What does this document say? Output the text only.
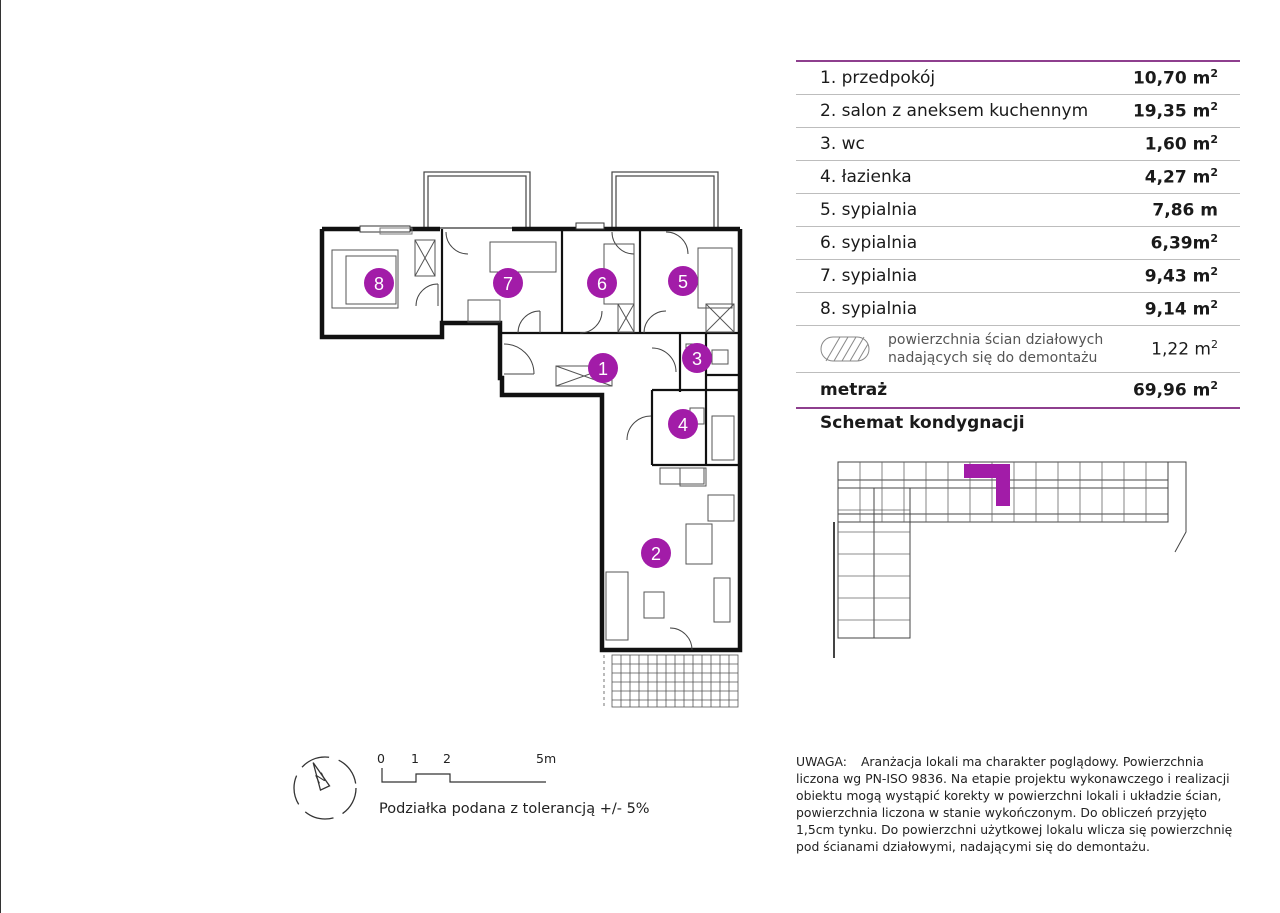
8	7	6	5
1	3
4
2
1. przedpokój	10,70 $m^2$
2. salon z aneksem kuchennym	19,35 $m^2$
3. wc	1,60 $m^2$
4. łazienka	4,27 $m^2$
5. sypialnia	7,86 m
6. sypialnia	$6,39m^2$
7. sypialnia	9,43 $m^2$
8. sypialnia	9,14 $m^2$
powierzchnia ścian działowych
nadających się do demontażu	1,22 $m^2$
metraż	69,96 $m^2$
Schemat kondygnacji
N
0 1 2	5m
Podziałka podana z tolerancją +/- 5%
UWAGA: Aranżacja lokali ma charakter poglądowy. Powierzchnia liczona wg PN-ISO 9836. Na etapie projektu wykonawczego i realizacji obiektu mogą wystąpić korekty w powierzchni lokali i układzie ścian, powierzchnia liczona w stanie wykończonym. Do obliczeń przyjęto 1,5cm tynku. Do powierzchni użytkowej lokalu wlicza się powierzchnię pod ścianami działowymi, nadającymi się do demontażu.
